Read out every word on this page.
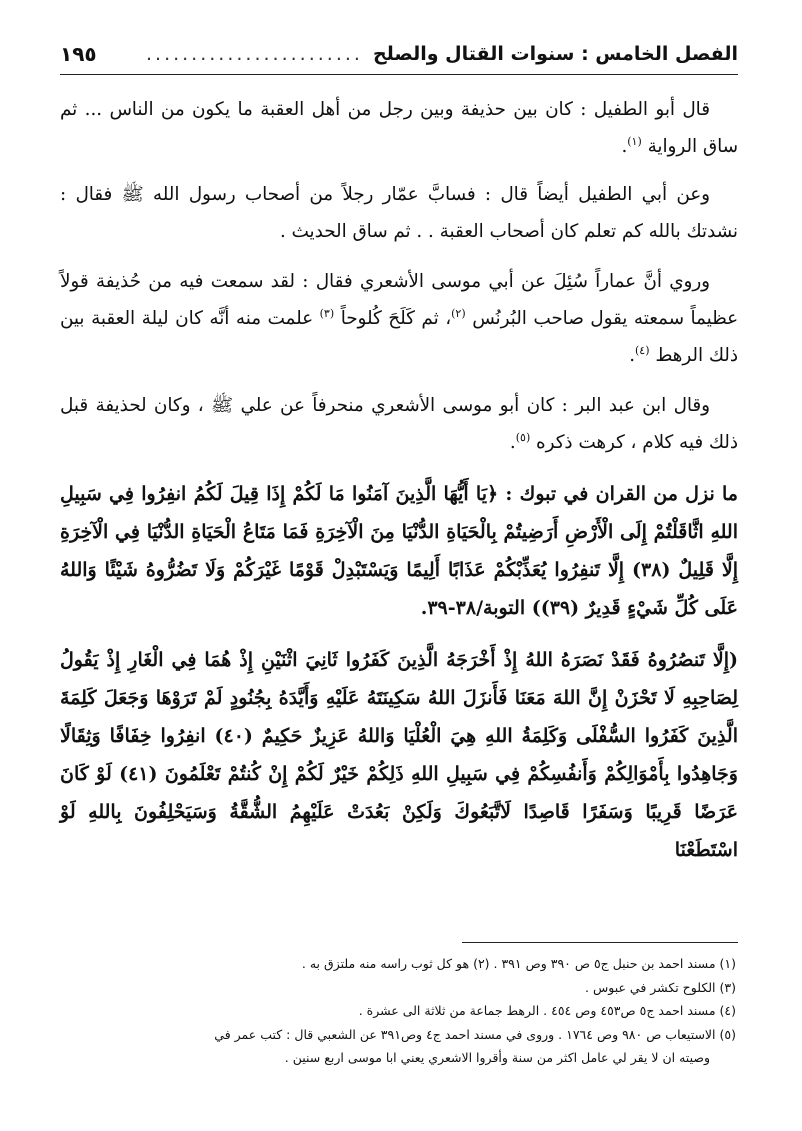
الفصل الخامس : سنوات القتال والصلح
........................
١٩٥

قال أبو الطفيل : كان بين حذيفة وبين رجل من أهل العقبة ما يكون من الناس ... ثم ساق الرواية $^{(١)}$.

وعن أبي الطفيل أيضاً قال : فسابَّ عمّار رجلاً من أصحاب رسول الله ﷺ فقال : نشدتك بالله كم تعلم كان أصحاب العقبة . . ثم ساق الحديث .

وروي أنَّ عماراً سُئِلَ عن أبي موسى الأشعري فقال : لقد سمعت فيه من حُذيفة قولاً عظيماً سمعته يقول صاحب البُرنُس $^{(٢)}$، ثم كَلَحَ كُلوحاً $^{(٣)}$ علمت منه أنَّه كان ليلة العقبة بين ذلك الرهط $^{(٤)}$.

وقال ابن عبد البر : كان أبو موسى الأشعري منحرفاً عن علي ﷺ ، وكان لحذيفة قبل ذلك فيه كلام ، كرهت ذكره $^{(٥)}$.

ما نزل من القران في تبوك : ﴿يَا أَيُّهَا الَّذِينَ آمَنُوا مَا لَكُمْ إِذَا قِيلَ لَكُمُ انفِرُوا فِي سَبِيلِ اللهِ اثَّاقَلْتُمْ إِلَى الْأَرْضِ أَرَضِيتُمْ بِالْحَيَاةِ الدُّنْيَا مِنَ الْآخِرَةِ فَمَا مَتَاعُ الْحَيَاةِ الدُّنْيَا فِي الْآخِرَةِ إِلَّا قَلِيلٌ (٣٨) إِلَّا تَنفِرُوا يُعَذِّبْكُمْ عَذَابًا أَلِيمًا وَيَسْتَبْدِلْ قَوْمًا غَيْرَكُمْ وَلَا تَضُرُّوهُ شَيْئًا وَاللهُ عَلَى كُلِّ شَيْءٍ قَدِيرٌ (٣٩)) التوبة/٣٨-٣٩.

(إِلَّا تَنصُرُوهُ فَقَدْ نَصَرَهُ اللهُ إِذْ أَخْرَجَهُ الَّذِينَ كَفَرُوا ثَانِيَ اثْنَيْنِ إِذْ هُمَا فِي الْغَارِ إِذْ يَقُولُ لِصَاحِبِهِ لَا تَحْزَنْ إِنَّ اللهَ مَعَنَا فَأَنزَلَ اللهُ سَكِينَتَهُ عَلَيْهِ وَأَيَّدَهُ بِجُنُودٍ لَمْ تَرَوْهَا وَجَعَلَ كَلِمَةَ الَّذِينَ كَفَرُوا السُّفْلَى وَكَلِمَةُ اللهِ هِيَ الْعُلْيَا وَاللهُ عَزِيزٌ حَكِيمٌ (٤٠) انفِرُوا خِفَافًا وَثِقَالًا وَجَاهِدُوا بِأَمْوَالِكُمْ وَأَنفُسِكُمْ فِي سَبِيلِ اللهِ ذَلِكُمْ خَيْرٌ لَكُمْ إِنْ كُنتُمْ تَعْلَمُونَ (٤١) لَوْ كَانَ عَرَضًا قَرِيبًا وَسَفَرًا قَاصِدًا لَاتَّبَعُوكَ وَلَكِنْ بَعُدَتْ عَلَيْهِمُ الشُّقَّةُ وَسَيَحْلِفُونَ بِاللهِ لَوْ اسْتَطَعْنَا

(١) مسند احمد بن حنبل ج٥ ص ٣٩٠ وص ٣٩١ . (٢) هو كل ثوب راسه منه ملتزق به .

(٣) الكلوح تكشر في عبوس .

(٤) مسند احمد ج٥ ص٤٥٣ وص ٤٥٤ . الرهط جماعة من ثلاثة الى عشرة .

(٥) الاستيعاب ص ٩٨٠ وص ١٧٦٤ . وروى في مسند احمد ج٤ وص٣٩١ عن الشعبي قال : كتب عمر في

وصيته ان لا يقر لي عامل اكثر من سنة وأقروا الاشعري يعني ابا موسى اربع سنين .
